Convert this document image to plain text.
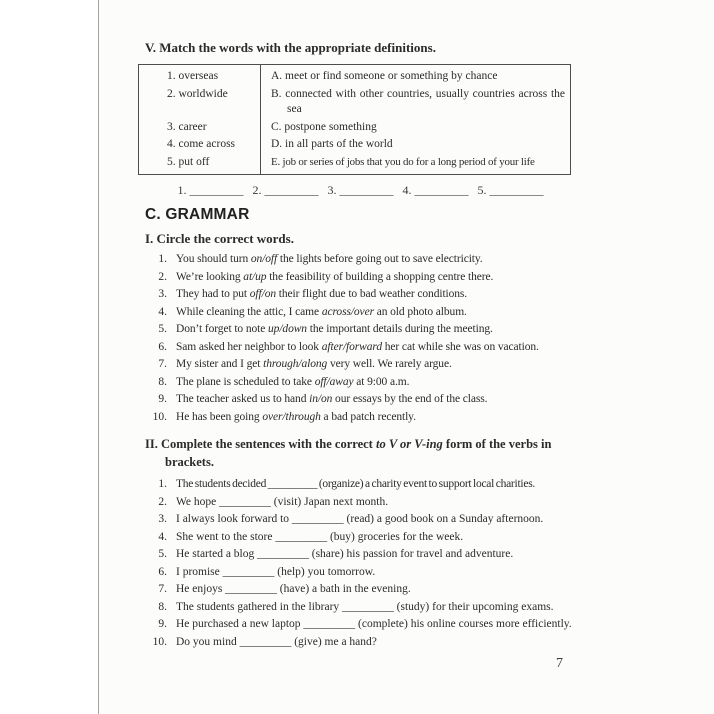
V. Match the words with the appropriate definitions.
1. overseas	A. meet or find someone or something by chance
2. worldwide	B. connected with other countries, usually countries across the sea
3. career	C. postpone something
4. come across	D. in all parts of the world
5. put off	E. job or series of jobs that you do for a long period of your life
1. _________   2. _________   3. _________   4. _________   5. _________
C. GRAMMAR
I. Circle the correct words.
1. You should turn on/off the lights before going out to save electricity.
2. We’re looking at/up the feasibility of building a shopping centre there.
3. They had to put off/on their flight due to bad weather conditions.
4. While cleaning the attic, I came across/over an old photo album.
5. Don’t forget to note up/down the important details during the meeting.
6. Sam asked her neighbor to look after/forward her cat while she was on vacation.
7. My sister and I get through/along very well. We rarely argue.
8. The plane is scheduled to take off/away at 9:00 a.m.
9. The teacher asked us to hand in/on our essays by the end of the class.
10. He has been going over/through a bad patch recently.
II. Complete the sentences with the correct to V or V-ing form of the verbs in brackets.
1. The students decided _________ (organize) a charity event to support local charities.
2. We hope _________ (visit) Japan next month.
3. I always look forward to _________ (read) a good book on a Sunday afternoon.
4. She went to the store _________ (buy) groceries for the week.
5. He started a blog _________ (share) his passion for travel and adventure.
6. I promise _________ (help) you tomorrow.
7. He enjoys _________ (have) a bath in the evening.
8. The students gathered in the library _________ (study) for their upcoming exams.
9. He purchased a new laptop _________ (complete) his online courses more efficiently.
10. Do you mind _________ (give) me a hand?
7
